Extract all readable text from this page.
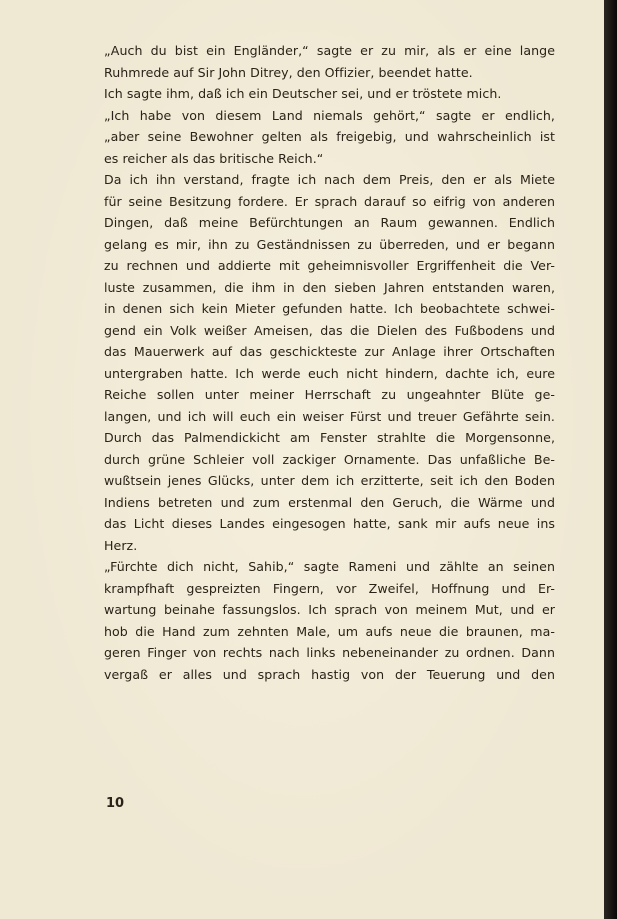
„Auch du bist ein Engländer,“ sagte er zu mir, als er eine lange
Ruhmrede auf Sir John Ditrey, den Offizier, beendet hatte.
Ich sagte ihm, daß ich ein Deutscher sei, und er tröstete mich.
„Ich habe von diesem Land niemals gehört,“ sagte er endlich,
„aber seine Bewohner gelten als freigebig, und wahrscheinlich ist
es reicher als das britische Reich.“
Da ich ihn verstand, fragte ich nach dem Preis, den er als Miete
für seine Besitzung fordere. Er sprach darauf so eifrig von anderen
Dingen, daß meine Befürchtungen an Raum gewannen. Endlich
gelang es mir, ihn zu Geständnissen zu überreden, und er begann
zu rechnen und addierte mit geheimnisvoller Ergriffenheit die Ver-
luste zusammen, die ihm in den sieben Jahren entstanden waren,
in denen sich kein Mieter gefunden hatte. Ich beobachtete schwei-
gend ein Volk weißer Ameisen, das die Dielen des Fußbodens und
das Mauerwerk auf das geschickteste zur Anlage ihrer Ortschaften
untergraben hatte. Ich werde euch nicht hindern, dachte ich, eure
Reiche sollen unter meiner Herrschaft zu ungeahnter Blüte ge-
langen, und ich will euch ein weiser Fürst und treuer Gefährte sein.
Durch das Palmendickicht am Fenster strahlte die Morgensonne,
durch grüne Schleier voll zackiger Ornamente. Das unfaßliche Be-
wußtsein jenes Glücks, unter dem ich erzitterte, seit ich den Boden
Indiens betreten und zum erstenmal den Geruch, die Wärme und
das Licht dieses Landes eingesogen hatte, sank mir aufs neue ins
Herz.
„Fürchte dich nicht, Sahib,“ sagte Rameni und zählte an seinen
krampfhaft gespreizten Fingern, vor Zweifel, Hoffnung und Er-
wartung beinahe fassungslos. Ich sprach von meinem Mut, und er
hob die Hand zum zehnten Male, um aufs neue die braunen, ma-
geren Finger von rechts nach links nebeneinander zu ordnen. Dann
vergaß er alles und sprach hastig von der Teuerung und den
10
